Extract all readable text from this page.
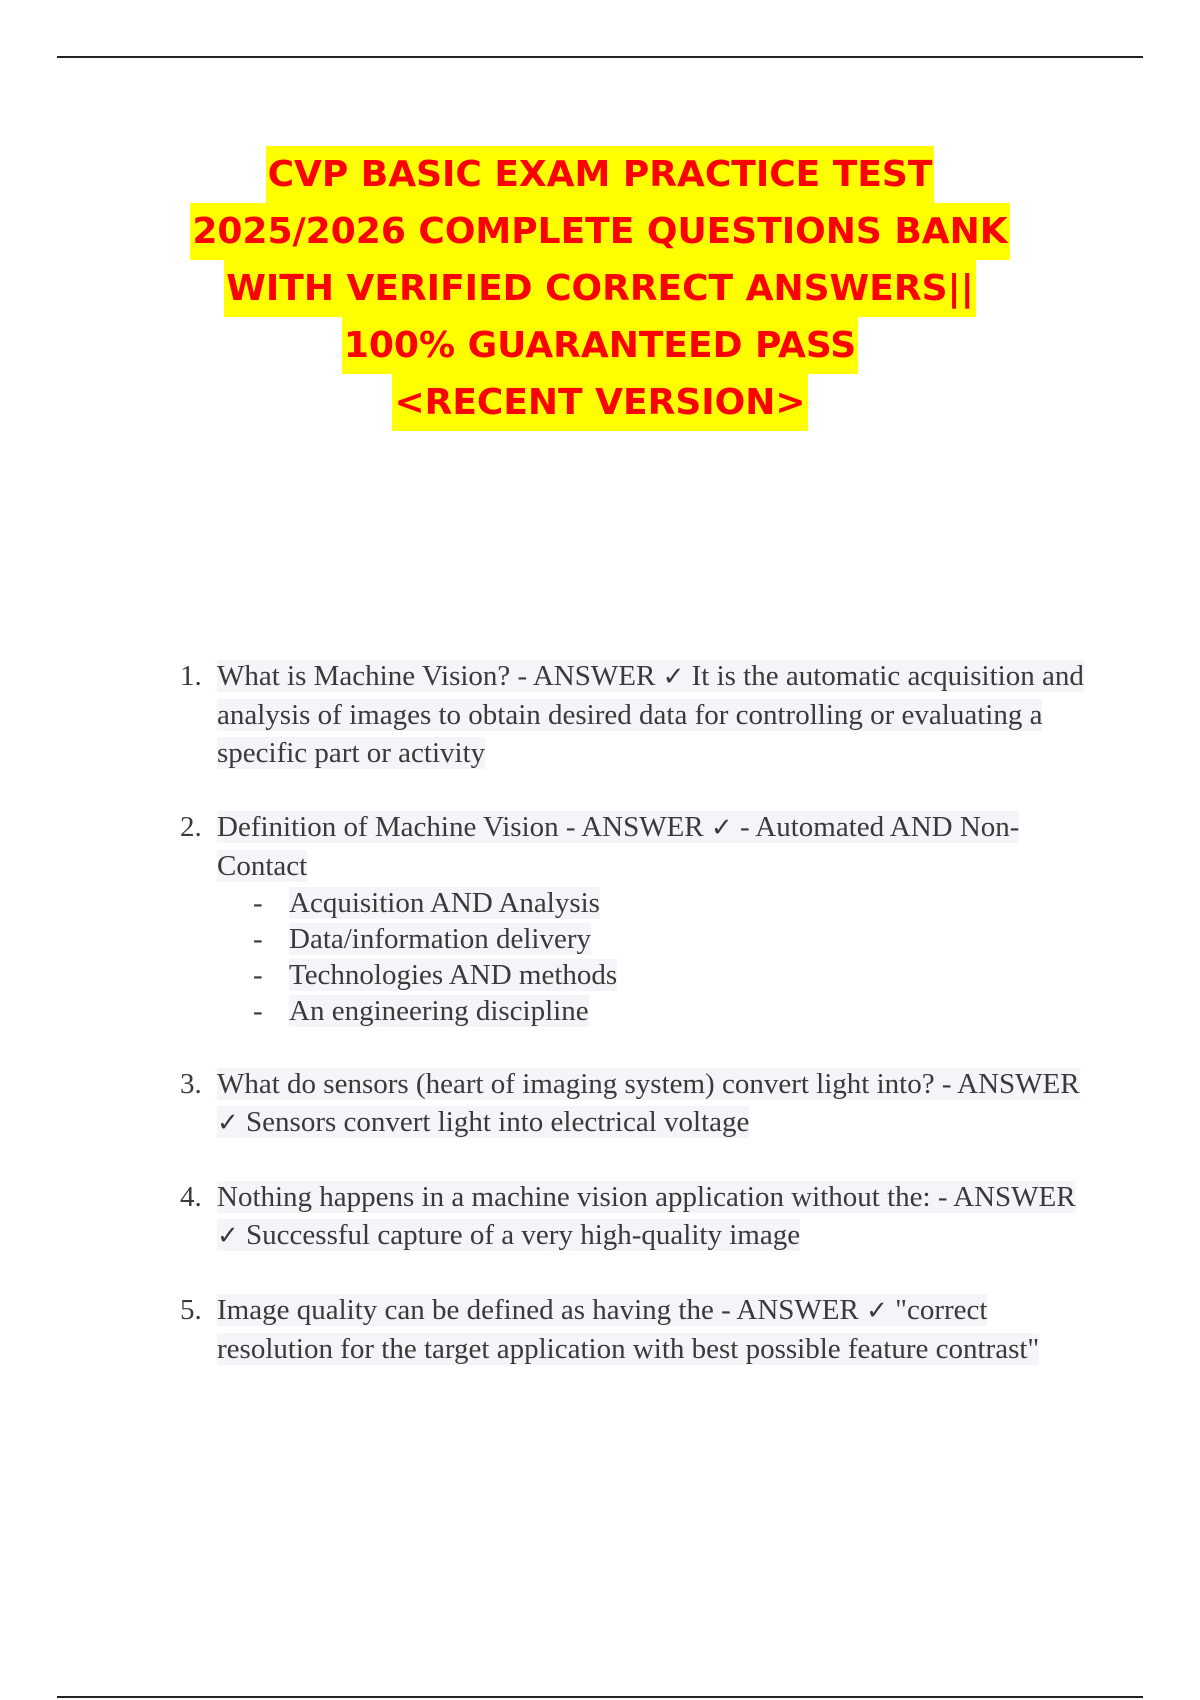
CVP BASIC EXAM PRACTICE TEST
2025/2026 COMPLETE QUESTIONS BANK
WITH VERIFIED CORRECT ANSWERS||
100% GUARANTEED PASS
<RECENT VERSION>
1. What is Machine Vision? - ANSWER ✓ It is the automatic acquisition and analysis of images to obtain desired data for controlling or evaluating a specific part or activity
2. Definition of Machine Vision - ANSWER ✓ - Automated AND Non-Contact
- Acquisition AND Analysis
- Data/information delivery
- Technologies AND methods
- An engineering discipline
3. What do sensors (heart of imaging system) convert light into? - ANSWER ✓ Sensors convert light into electrical voltage
4. Nothing happens in a machine vision application without the: - ANSWER ✓ Successful capture of a very high-quality image
5. Image quality can be defined as having the - ANSWER ✓ "correct resolution for the target application with best possible feature contrast"
